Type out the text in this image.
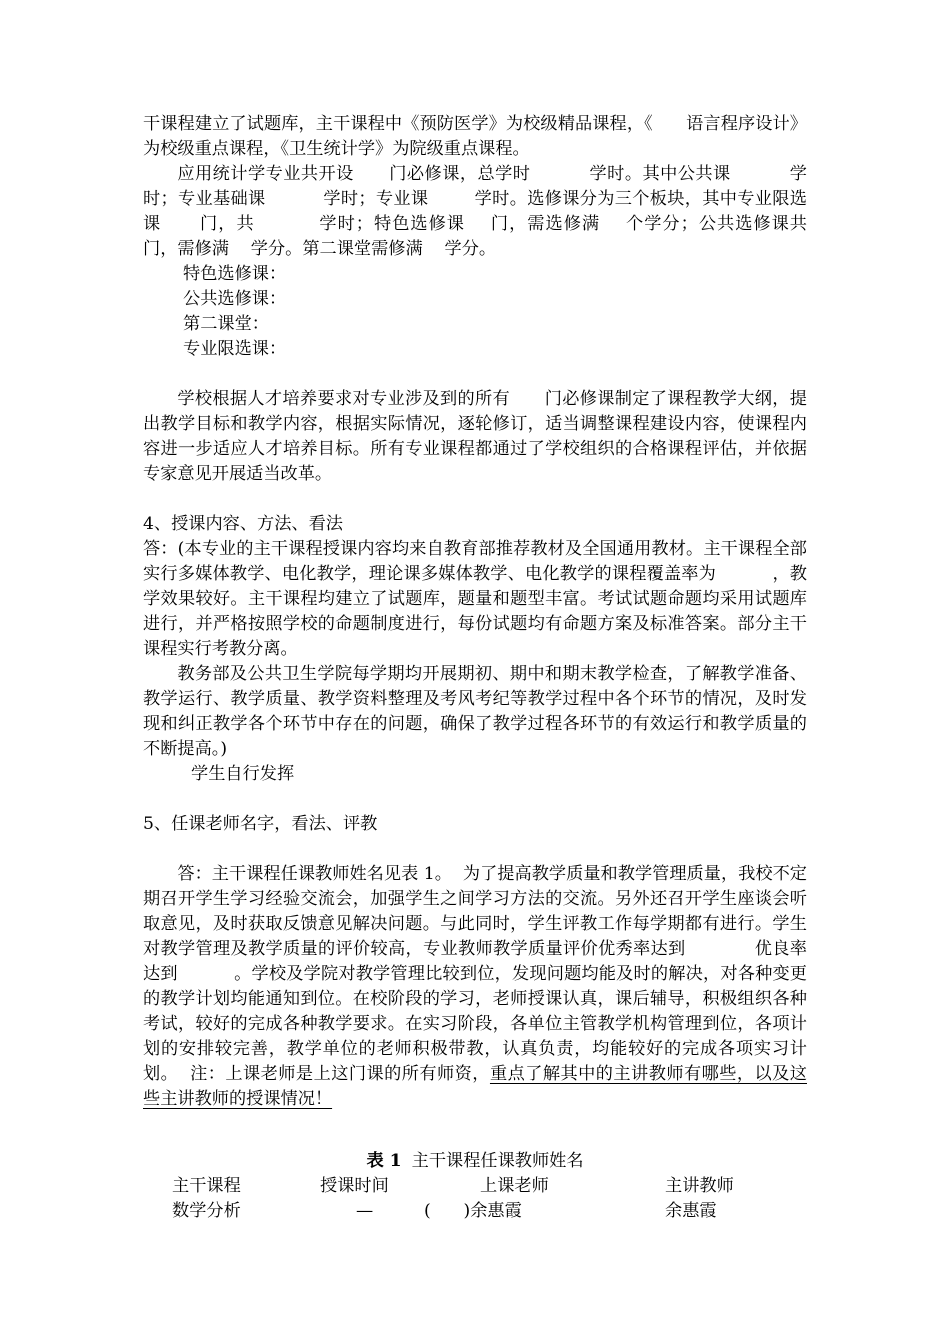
干课程建立了试题库，主干课程中《预防医学》为校级精品课程，《      语言程序设计》为校级重点课程，《卫生统计学》为院级重点课程。

应用统计学专业共开设      门必修课，总学时          学时。其中公共课          学时；专业基础课          学时；专业课        学时。选修课分为三个板块，其中专业限选课      门，共          学时；特色选修课    门，需选修满    个学分；公共选修课共        门，需修满    学分。第二课堂需修满    学分。

特色选修课：

公共选修课：

第二课堂：

专业限选课：

学校根据人才培养要求对专业涉及到的所有      门必修课制定了课程教学大纲，提出教学目标和教学内容，根据实际情况，逐轮修订，适当调整课程建设内容，使课程内容进一步适应人才培养目标。所有专业课程都通过了学校组织的合格课程评估，并依据专家意见开展适当改革。

4、授课内容、方法、看法

答：(本专业的主干课程授课内容均来自教育部推荐教材及全国通用教材。主干课程全部实行多媒体教学、电化教学，理论课多媒体教学、电化教学的课程覆盖率为          ，教学效果较好。主干课程均建立了试题库，题量和题型丰富。考试试题命题均采用试题库进行，并严格按照学校的命题制度进行，每份试题均有命题方案及标准答案。部分主干课程实行考教分离。

教务部及公共卫生学院每学期均开展期初、期中和期末教学检查，了解教学准备、教学运行、教学质量、教学资料整理及考风考纪等教学过程中各个环节的情况，及时发现和纠正教学各个环节中存在的问题，确保了教学过程各环节的有效运行和教学质量的不断提高。)

学生自行发挥

5、任课老师名字，看法、评教

答：主干课程任课教师姓名见表 1。  为了提高教学质量和教学管理质量，我校不定期召开学生学习经验交流会，加强学生之间学习方法的交流。另外还召开学生座谈会听取意见，及时获取反馈意见解决问题。与此同时，学生评教工作每学期都有进行。学生对教学管理及教学质量的评价较高，专业教师教学质量评价优秀率达到            优良率达到          。学校及学院对教学管理比较到位，发现问题均能及时的解决，对各种变更的教学计划均能通知到位。在校阶段的学习，老师授课认真，课后辅导，积极组织各种考试，较好的完成各种教学要求。在实习阶段，各单位主管教学机构管理到位，各项计划的安排较完善，教学单位的老师积极带教，认真负责，均能较好的完成各项实习计划。  注：上课老师是上这门课的所有师资，重点了解其中的主讲教师有哪些，以及这些主讲教师的授课情况！

表 1 主干课程任课教师姓名
主干课程	授课时间	上课老师	主讲教师
数学分析	—	(      )余惠霞	余惠霞
